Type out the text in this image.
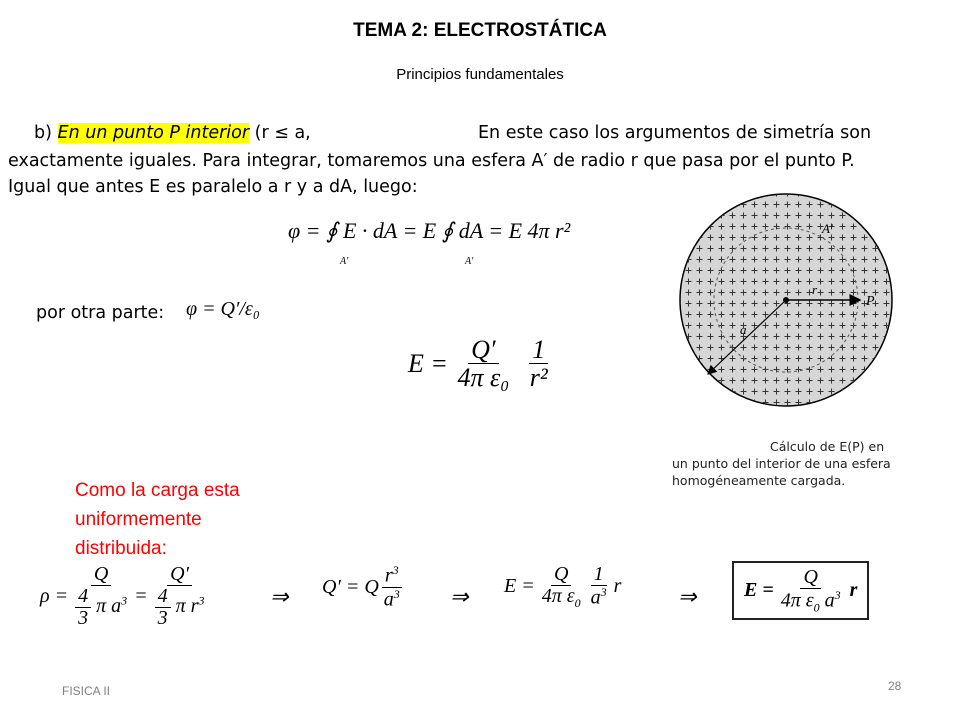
TEMA 2: ELECTROSTÁTICA
Principios fundamentales
b) En un punto P interior (r ≤ a,	En este caso los argumentos de simetría son
exactamente iguales. Para integrar, tomaremos una esfera A′ de radio r que pasa por el punto P.
Igual que antes E es paralelo a r y a dA, luego:
φ = ∮ E · dA = E ∮ dA = E 4π r²
A′	A′
por otra parte: φ = Q′/ε₀
$E = \frac{Q'}{\text{4π ε₀}}$
$\frac{1}{\text{r²}}$
A′
r
P
a
Cálculo de E(P) en
un punto del interior de una esfera
homogéneamente cargada.
Como la carga esta
uniformemente
distribuida:
$\rho = \frac{Q}{\frac{4}{3} \pi a^3} = \frac{Q'}{\frac{4}{3} \pi r^3}$	⇒ Q′ = Q $\frac{r^3}{a^3}$ ⇒ $E = \frac{Q}{4\pi \varepsilon_0} \frac{1}{a^3}$ r	⇒ $E = \frac{Q}{4\pi \varepsilon_0 a^3}$ r
FISICA II	28
